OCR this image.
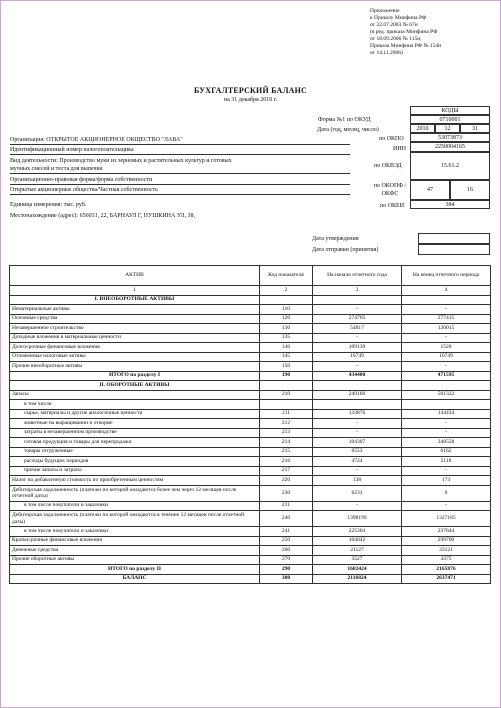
Приложение
к Приказу Минфина РФ
от 22.07.2003 № 67н
(в ред. приказа Минфина РФ
от 18.09.2006 № 115н,
Приказа Минфина РФ № 154н
от 14.11.2006)
БУХГАЛТЕРСКИЙ БАЛАНС
на 31 декабря 2010 г.
КОДЫ
Форма №1 по ОКУД	0710001
Дата (год, месяц, число)	2010	12	31
по ОКПО	53073873
ИНН	2250004165
по ОКВЭД	15.61.2
по ОКОПФ / ОКФС
47	16
по ОКЕИ	384
Организация: ОТКРЫТОЕ АКЦИОНЕРНОЕ ОБЩЕСТВО "ЛАВА"
Идентификационный номер налогоплательщика
Вид деятельности: Производство муки из зерновых и растительных культур и готовых
мучных смесей и теста для выпечки
Организационно-правовая форма/форма собственности
Открытые акционерные общества/Частная собственность
Единица измерения: тыс. руб.
Местонахождение (адрес): 656031, 22, БАРНАУЛ Г, ПУШКИНА УЛ, 38,
Дата утверждения
Дата отправки (принятия)
АКТИВ	Код показателя	На начало отчетного года	На конец отчетного периода
1	2	3	4
I. ВНЕОБОРОТНЫЕ АКТИВЫ			
Нематериальные активы	110	-	-
Основные средства	120	274705	277415
Незавершенное строительство	130	54817	120015
Доходные вложения в материальные ценности	135	-	-
Долгосрочные финансовые вложения	140	109139	1528
Отложенные налоговые активы	145	16749	16749
Прочие внеоборотные активы	150	-	-
ИТОГО по разделу I	190	434400	471595
II. ОБОРОТНЫЕ АКТИВЫ			
Запасы	210	249160	501322
в том числе:			
сырье, материалы и другие аналогичные ценности	211	133876	144434
животные на выращивании и откорме	212	-	-
затраты в незавершенном производстве	213	-	-
готовая продукция и товары для перепродажи	214	104307	348558
товары отгруженные	215	6553	6162
расходы будущих периодов	216	4724	2118
прочие запасы и затраты	217	-	-
Налог на добавленную стоимость по приобретенным ценностям	220	138	173
Дебиторская задолженность (платежи по которой ожидаются более чем через 12 месяцев после отчетной даты)	230	6231	0
в том числе покупатели и заказчики	231	-	-
Дебиторская задолженность (платежи по которой ожидаются в течение 12 месяцев после отчетной даты)	240	1398199	1327185
в том числе покупатели и заказчики	241	225304	237644
Краткосрочные финансовые вложения	250	104042	299700
Денежные средства	260	21127	33121
Прочие оборотные активы	270	3527	4375
ИТОГО по разделу II	290	1682424	2165876
БАЛАНС	300	2116824	2637471
